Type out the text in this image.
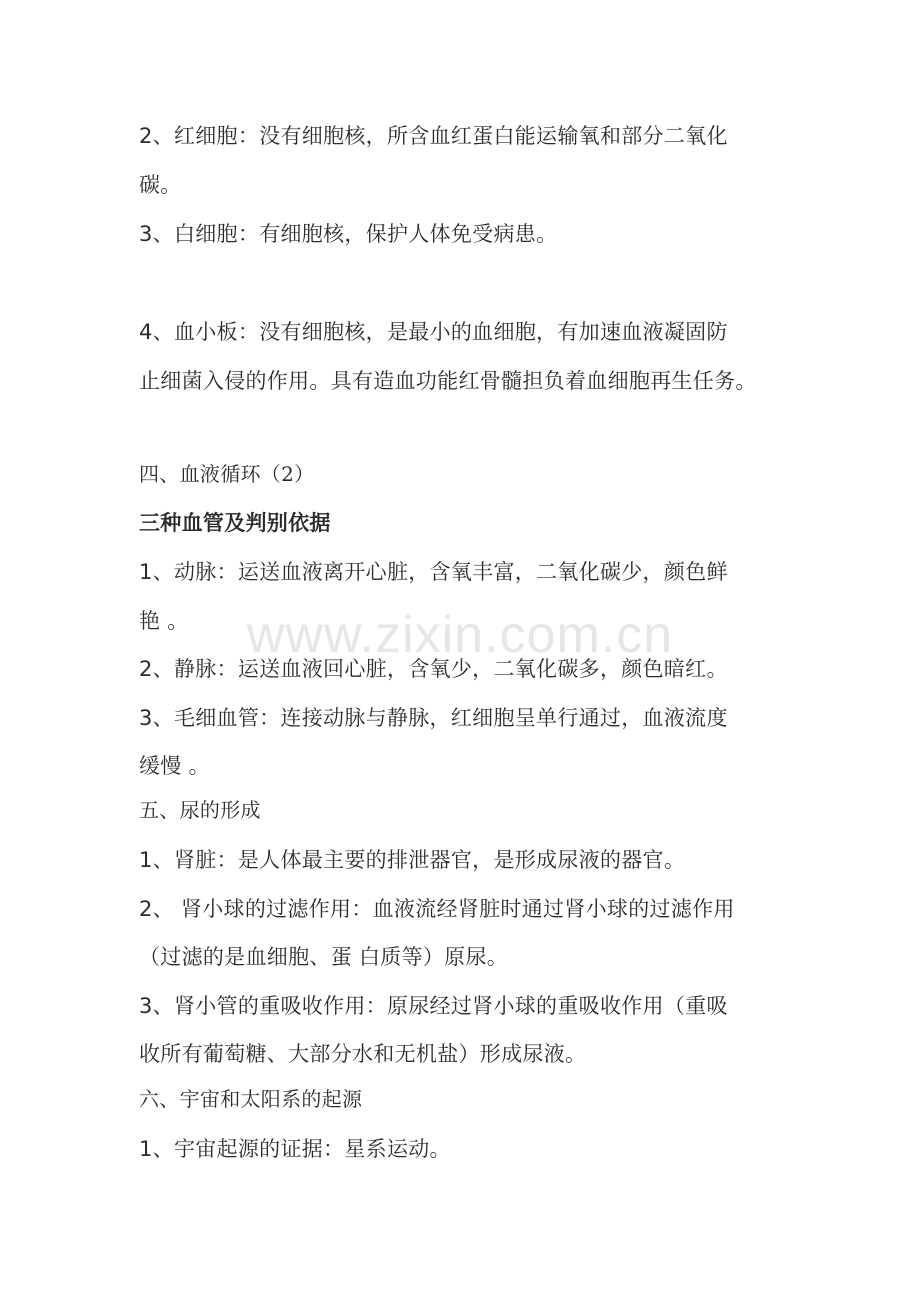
2、红细胞：没有细胞核，所含血红蛋白能运输氧和部分二氧化
碳。
3、白细胞：有细胞核，保护人体免受病患。
4、血小板：没有细胞核，是最小的血细胞，有加速血液凝固防
止细菌入侵的作用。具有造血功能红骨髓担负着血细胞再生任务。
四、血液循环（2）
三种血管及判别依据
1、动脉：运送血液离开心脏，含氧丰富，二氧化碳少，颜色鲜
艳 。
2、静脉：运送血液回心脏，含氧少，二氧化碳多，颜色暗红。
3、毛细血管：连接动脉与静脉，红细胞呈单行通过，血液流度
缓慢 。
五、尿的形成
1、肾脏：是人体最主要的排泄器官，是形成尿液的器官。
2、 肾小球的过滤作用：血液流经肾脏时通过肾小球的过滤作用
（过滤的是血细胞、蛋 白质等）原尿。
3、肾小管的重吸收作用：原尿经过肾小球的重吸收作用（重吸
收所有葡萄糖、大部分水和无机盐）形成尿液。
六、宇宙和太阳系的起源
1、宇宙起源的证据：星系运动。
www.zixin.com.cn
